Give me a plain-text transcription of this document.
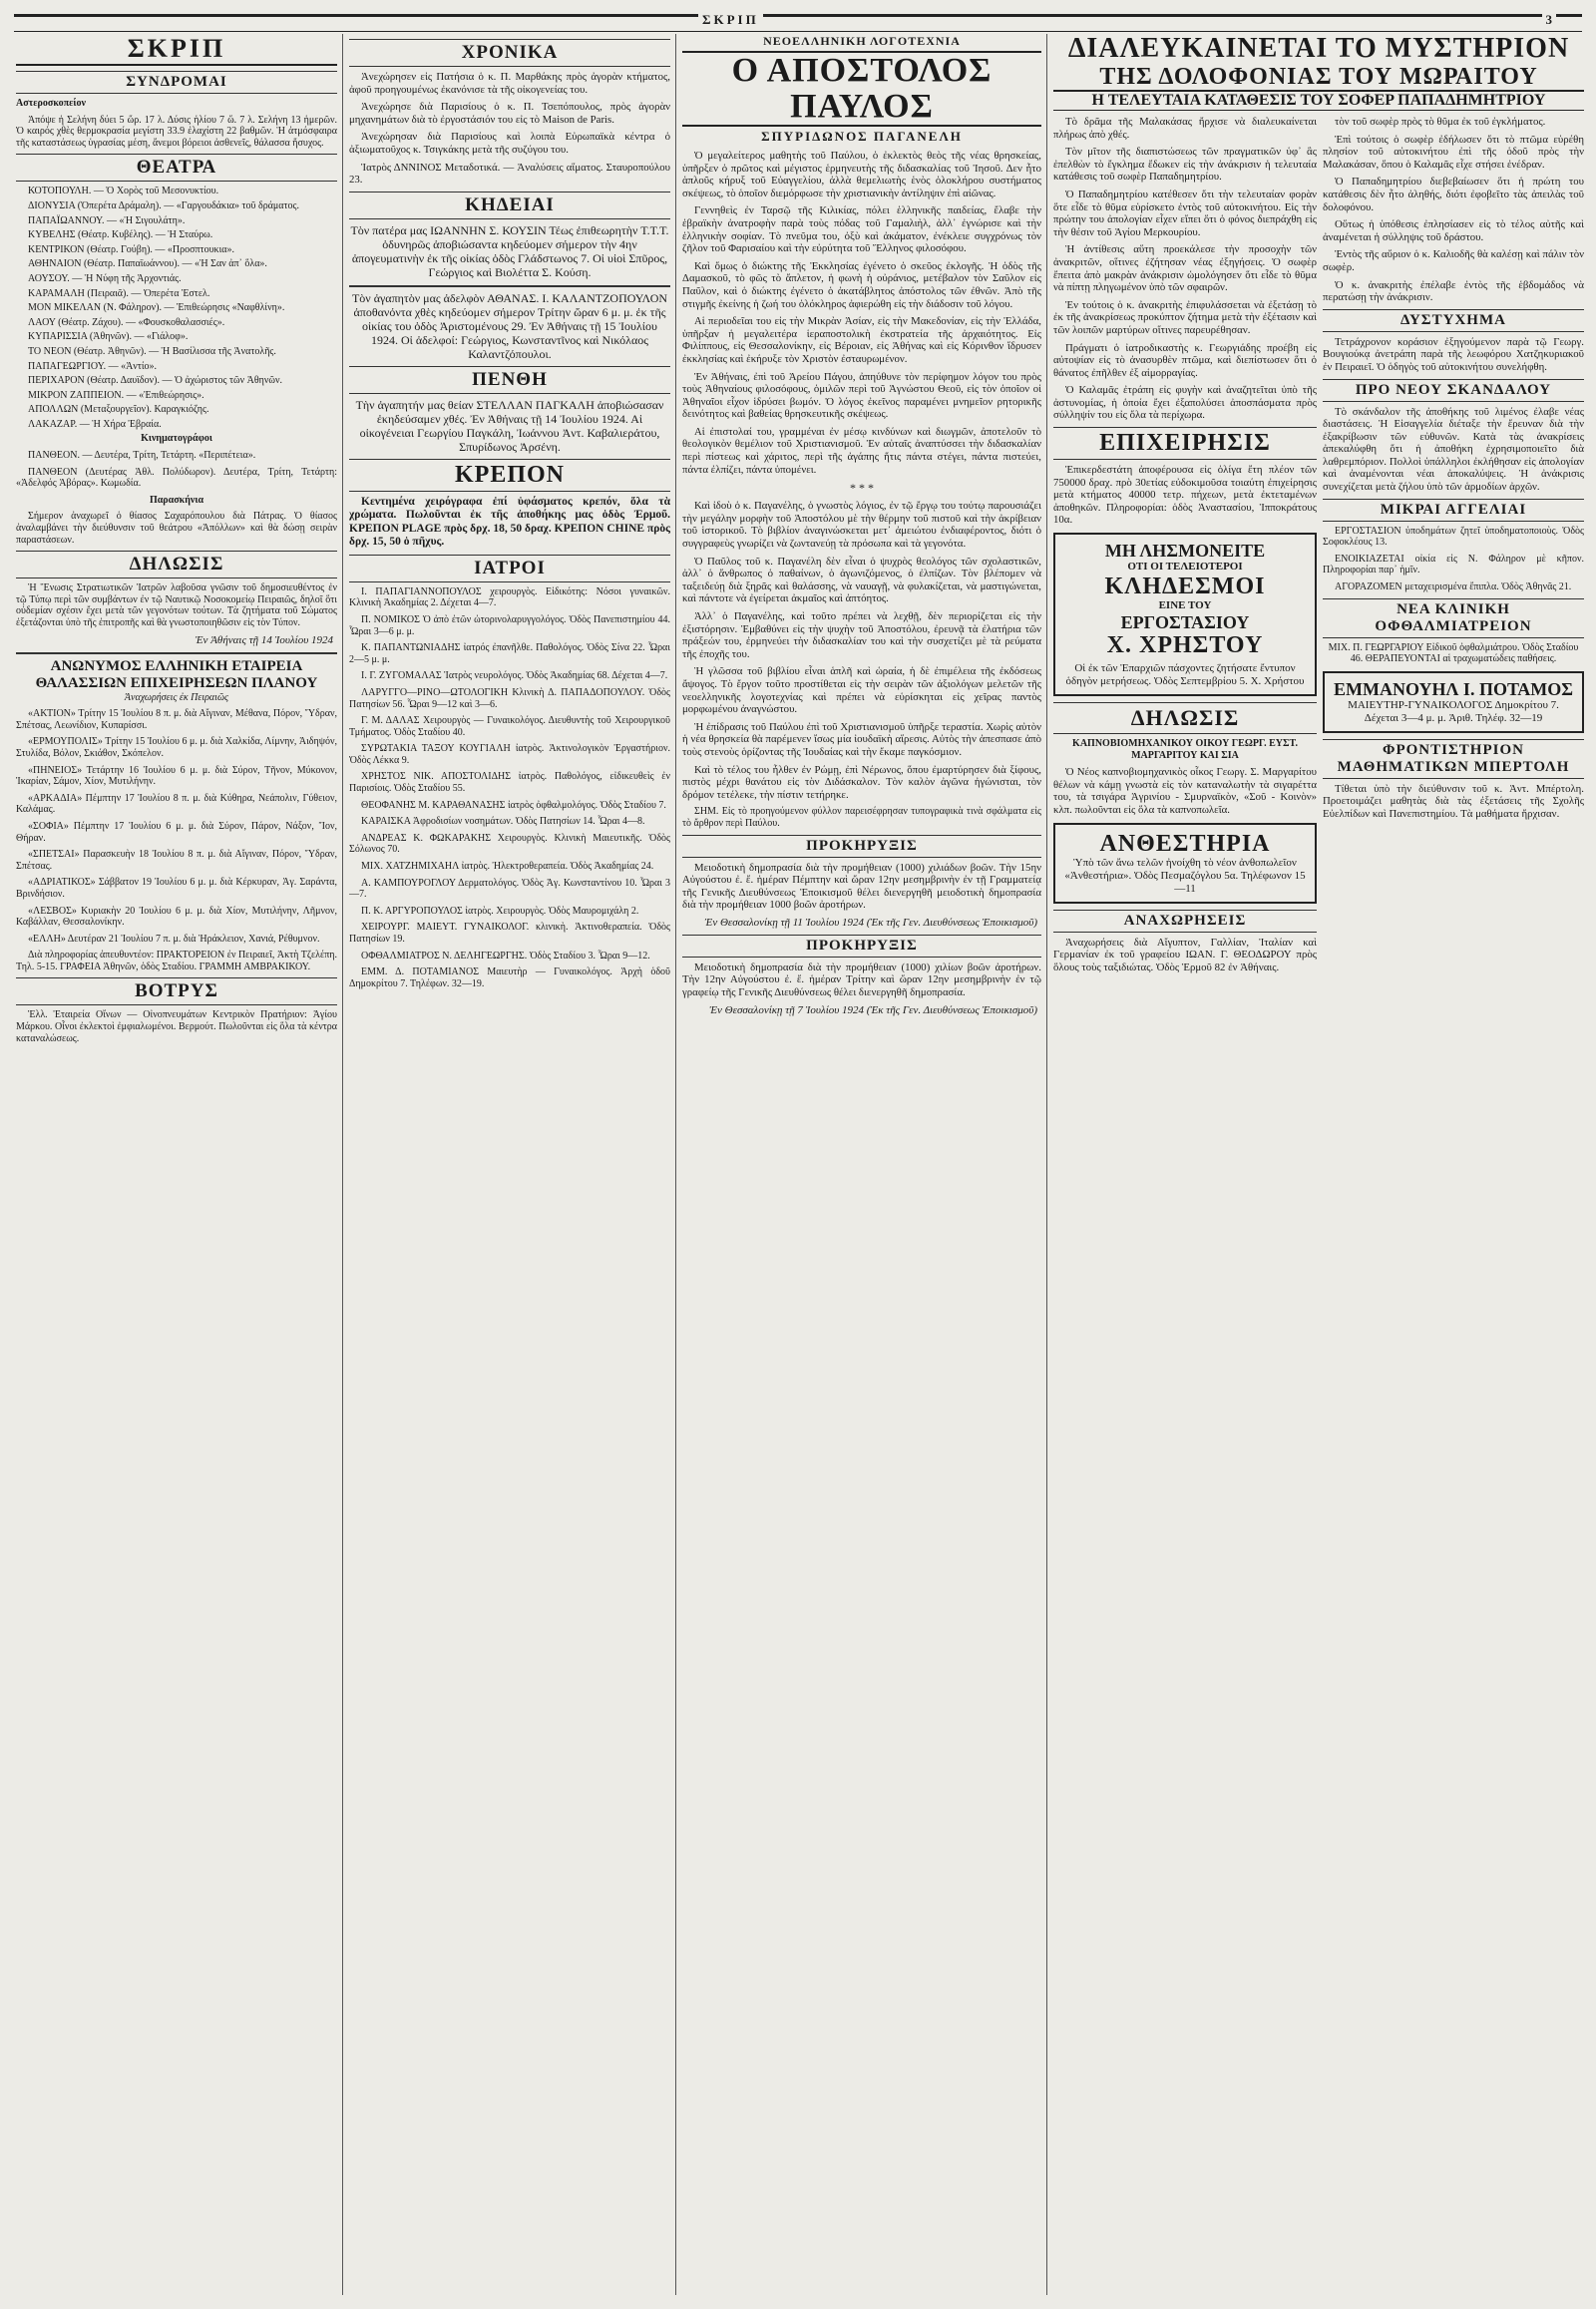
ΣΚΡΙΠ	3
ΣΚΡΙΠ
ΣΥΝΔΡΟΜΑΙ

Αστεροσκοπείον

Ἀπόψε ἡ Σελήνη δύει 5 ὥρ. 17 λ. Δύσις ἡλίου 7 ὥ. 7 λ. Σελήνη 13 ἡμερῶν. Ὁ καιρός χθὲς θερμοκρασία μεγίστη 33.9 ἐλαχίστη 22 βαθμῶν. Ἡ ἀτμόσφαιρα τῆς καταστάσεως ὑγρασίας μέση, ἄνεμοι βόρειοι ἀσθενεῖς, θάλασσα ἥσυχος.

ΘΕΑΤΡΑ

ΚΟΤΟΠΟΥΛΗ. — Ὁ Χορὸς τοῦ Μεσονυκτίου.

ΔΙΟΝΥΣΙΑ (Ὀπερέτα Δράμαλη). — «Γαργουδάκια» τοῦ δράματος.

ΠΑΠΑΪΩΑΝΝΟΥ. — «Ἡ Σιγουλάτη».

ΚΥΒΕΛΗΣ (Θέατρ. Κυβέλης). — Ἡ Σταύρω.

ΚΕΝΤΡΙΚΟΝ (Θέατρ. Γούβη). — «Προσπτουκια».

ΑΘΗΝΑΙΟΝ (Θέατρ. Παπαϊωάννου). — «Ἡ Σαν ἀπ᾽ ὅλα».

ΑΟΥΣΟΥ. — Ἡ Νύφη τῆς Ἀρχοντιάς.

ΚΑΡΑΜΑΛΗ (Πειραιᾶ). — Ὀπερέτα Ἑστελ.

ΜΟΝ ΜΙΚΕΛΑΝ (Ν. Φάληρον). — Ἐπιθεώρησις «Ναφθλίνη».

ΛΑΟΥ (Θέατρ. Ζάχου). — «Φουσκοθαλασσιές».

ΚΥΠΑΡΙΣΣΙΑ (Ἀθηνῶν). — «Γιάλοφ».

ΤΟ ΝΕΟΝ (Θέατρ. Ἀθηνῶν). — Ἡ Βασίλισσα τῆς Ἀνατολῆς.

ΠΑΠΑΓΕΩΡΓΙΟΥ. — «Ἀντίο».

ΠΕΡΙΧΑΡΟΝ (Θέατρ. Δαυϊδον). — Ὁ ἀχώριστος τῶν Ἀθηνῶν.

ΜΙΚΡΟΝ ΖΑΠΠΕΙΟΝ. — «Ἐπιθεώρησις».

ΑΠΟΛΛΩΝ (Μεταξουργεῖον). Καραγκιόζης.

ΛΑΚΑΖΑΡ. — Ἡ Χήρα Ἑβραία.

Κινηματογράφοι

ΠΑΝΘΕΟΝ. — Δευτέρα, Τρίτη, Τετάρτη. «Περιπέτεια».

ΠΑΝΘΕΟΝ (Δευτέρας Ἀθλ. Πολύδωρον). Δευτέρα, Τρίτη, Τετάρτη: «Ἀδελφός Ἀβόρας». Κωμωδία.

Παρασκήνια

Σήμερον ἀναχωρεῖ ὁ θίασος Σαχαρόπουλου διὰ Πάτρας. Ὁ θίασος ἀναλαμβάνει τὴν διεύθυνσιν τοῦ θεάτρου «Ἀπόλλων» καὶ θὰ δώσῃ σειρὰν παραστάσεων.

ΔΗΛΩΣΙΣ

Ἡ Ἕνωσις Στρατιωτικῶν Ἰατρῶν λαβοῦσα γνῶσιν τοῦ δημοσιευθέντος ἐν τῷ Τύπῳ περὶ τῶν συμβάντων ἐν τῷ Ναυτικῷ Νοσοκομείῳ Πειραιῶς, δηλοῖ ὅτι οὐδεμίαν σχέσιν ἔχει μετὰ τῶν γεγονότων τούτων. Τὰ ζητήματα τοῦ Σώματος ἐξετάζονται ὑπὸ τῆς ἐπιτροπῆς καὶ θὰ γνωστοποιηθῶσιν εἰς τὸν Τύπον.

Ἐν Ἀθήναις τῇ 14 Ἰουλίου 1924
ΑΝΩΝΥΜΟΣ ΕΛΛΗΝΙΚΗ ΕΤΑΙΡΕΙΑ ΘΑΛΑΣΣΙΩΝ ΕΠΙΧΕΙΡΗΣΕΩΝ ΠΛΑΝΟΥ

Ἀναχωρήσεις ἐκ Πειραιῶς

«ΑΚΤΙΟΝ» Τρίτην 15 Ἰουλίου 8 π. μ. διὰ Αἴγιναν, Μέθανα, Πόρον, Ὕδραν, Σπέτσας, Λεωνίδιον, Κυπαρίσσι.

«ΕΡΜΟΥΠΟΛΙΣ» Τρίτην 15 Ἰουλίου 6 μ. μ. διὰ Χαλκίδα, Λίμνην, Ἀιδηψόν, Στυλίδα, Βόλον, Σκιάθον, Σκόπελον.

«ΠΗΝΕΙΟΣ» Τετάρτην 16 Ἰουλίου 6 μ. μ. διὰ Σύρον, Τῆνον, Μύκονον, Ἰκαρίαν, Σάμον, Χίον, Μυτιλήνην.

«ΑΡΚΑΔΙΑ» Πέμπτην 17 Ἰουλίου 8 π. μ. διὰ Κύθηρα, Νεάπολιν, Γύθειον, Καλάμας.

«ΣΟΦΙΑ» Πέμπτην 17 Ἰουλίου 6 μ. μ. διὰ Σύρον, Πάρον, Νάξον, Ἴον, Θήραν.

«ΣΠΕΤΣΑΙ» Παρασκευὴν 18 Ἰουλίου 8 π. μ. διὰ Αἴγιναν, Πόρον, Ὕδραν, Σπέτσας.

«ΑΔΡΙΑΤΙΚΟΣ» Σάββατον 19 Ἰουλίου 6 μ. μ. διὰ Κέρκυραν, Ἀγ. Σαράντα, Βρινδήσιον.

«ΛΕΣΒΟΣ» Κυριακὴν 20 Ἰουλίου 6 μ. μ. διὰ Χίον, Μυτιλήνην, Λῆμνον, Καβάλλαν, Θεσσαλονίκην.

«ΕΛΛΗ» Δευτέραν 21 Ἰουλίου 7 π. μ. διὰ Ἡράκλειον, Χανιά, Ρέθυμνον.

Διὰ πληροφορίας ἀπευθυντέον: ΠΡΑΚΤΟΡΕΙΟΝ ἐν Πειραιεῖ, Ἀκτὴ Τζελέπη. Τηλ. 5-15. ΓΡΑΦΕΙΑ Ἀθηνῶν, ὁδὸς Σταδίου. ΓΡΑΜΜΗ ΑΜΒΡΑΚΙΚΟΥ.

ΒΟΤΡΥΣ

Ἑλλ. Ἑταιρεία Οἴνων — Οἰνοπνευμάτων Κεντρικὸν Πρατήριον: Ἀγίου Μάρκου. Οἶνοι ἐκλεκτοὶ ἐμφιαλωμένοι. Βερμούτ. Πωλοῦνται εἰς ὅλα τὰ κέντρα καταναλώσεως.

ΧΡΟΝΙΚΑ

Ἀνεχώρησεν εἰς Πατήσια ὁ κ. Π. Μαρθάκης πρὸς ἀγορὰν κτήματος, ἀφοῦ προηγουμένως ἐκανόνισε τὰ τῆς οἰκογενείας του.

Ἀνεχώρησε διὰ Παρισίους ὁ κ. Π. Τσεπόπουλος, πρὸς ἀγορὰν μηχανημάτων διὰ τὸ ἐργοστάσιόν του εἰς τὸ Maison de Paris.

Ἀνεχώρησαν διὰ Παρισίους καὶ λοιπὰ Εὐρωπαϊκὰ κέντρα ὁ ἀξιωματοῦχος κ. Τσιγκάκης μετὰ τῆς συζύγου του.

Ἰατρὸς ΔΝΝΙΝΟΣ Μεταδοτικά. — Ἀναλύσεις αἵματος. Σταυροπούλου 23.

ΚΗΔΕΙΑΙ

Τὸν πατέρα μας ΙΩΑΝΝΗΝ Σ. ΚΟΥΣΙΝ Τέως ἐπιθεωρητὴν Τ.Τ.Τ. ὁδυνηρῶς ἀποβιώσαντα κηδεύομεν σήμερον τὴν 4ην ἀπογευματινὴν ἐκ τῆς οἰκίας ὁδὸς Γλάδστωνος 7. Οἱ υἱοὶ Σπῦρος, Γεώργιος καὶ Βιολέττα Σ. Κούση.

Τὸν ἀγαπητὸν μας ἀδελφὸν ΑΘΑΝΑΣ. Ι. ΚΑΛΑΝΤΖΟΠΟΥΛΟΝ ἀποθανόντα χθὲς κηδεύομεν σήμερον Τρίτην ὥραν 6 μ. μ. ἐκ τῆς οἰκίας του ὁδὸς Ἀριστομένους 29. Ἐν Ἀθήναις τῇ 15 Ἰουλίου 1924. Οἱ ἀδελφοί: Γεώργιος, Κωνσταντῖνος καὶ Νικόλαος Καλαντζόπουλοι.

ΠΕΝΘΗ

Τὴν ἀγαπητήν μας θείαν ΣΤΕΛΛΑΝ ΠΑΓΚΑΛΗ ἀποβιώσασαν ἐκηδεύσαμεν χθές. Ἐν Ἀθήναις τῇ 14 Ἰουλίου 1924. Αἱ οἰκογένειαι Γεωργίου Παγκάλη, Ἰωάννου Ἀντ. Καβαλιεράτου, Σπυρίδωνος Ἀρσένη.

ΚΡΕΠΟΝ

Κεντημένα χειρόγραφα ἐπί ὑφάσματος κρεπόν, ὅλα τὰ χρώματα. Πωλοῦνται ἐκ τῆς ἀποθήκης μας ὁδὸς Ἐρμοῦ. ΚΡΕΠΟΝ PLAGE πρὸς δρχ. 18, 50 δραχ. ΚΡΕΠΟΝ CHINE πρὸς δρχ. 15, 50 ὁ πῆχυς.

ΙΑΤΡΟΙ

Ι. ΠΑΠΑΓΙΑΝΝΟΠΟΥΛΟΣ χειρουργὸς. Εἰδικότης: Νόσοι γυναικῶν. Κλινικὴ Ἀκαδημίας 2. Δέχεται 4—7.

Π. ΝΟΜΙΚΟΣ Ὁ ἀπὸ ἐτῶν ὠτορινολαρυγγολόγος. Ὁδὸς Πανεπιστημίου 44. Ὧραι 3—6 μ. μ.

Κ. ΠΑΠΑΝΤΩΝΙΑΔΗΣ ἰατρός ἐπανῆλθε. Παθολόγος. Ὁδὸς Σίνα 22. Ὧραι 2—5 μ. μ.

Ι. Γ. ΖΥΓΟΜΑΛΑΣ Ἰατρὸς νευρολόγος. Ὁδὸς Ἀκαδημίας 68. Δέχεται 4—7.

ΛΑΡΥΓΓΟ—ΡΙΝΟ—ΩΤΟΛΟΓΙΚΗ Κλινικὴ Δ. ΠΑΠΑΔΟΠΟΥΛΟΥ. Ὁδὸς Πατησίων 56. Ὧραι 9—12 καὶ 3—6.

Γ. Μ. ΔΑΛΑΣ Χειρουργὸς — Γυναικολόγος. Διευθυντὴς τοῦ Χειρουργικοῦ Τμήματος. Ὁδὸς Σταδίου 40.

ΣΥΡΩΤΑΚΙΑ ΤΑΞΟΥ ΚΟΥΓΙΑΛΗ ἰατρὸς. Ἀκτινολογικὸν Ἐργαστήριον. Ὁδὸς Λέκκα 9.

ΧΡΗΣΤΟΣ ΝΙΚ. ΑΠΟΣΤΟΛΙΔΗΣ ἰατρὸς. Παθολόγος, εἰδικευθεὶς ἐν Παρισίοις. Ὁδὸς Σταδίου 55.

ΘΕΟΦΑΝΗΣ Μ. ΚΑΡΑΘΑΝΑΣΗΣ ἰατρὸς ὀφθαλμολόγος. Ὁδὸς Σταδίου 7.

ΚΑΡΑΙΣΚΑ Ἀφροδισίων νοσημάτων. Ὁδὸς Πατησίων 14. Ὧραι 4—8.

ΑΝΔΡΕΑΣ Κ. ΦΩΚΑΡΑΚΗΣ Χειρουργὸς. Κλινικὴ Μαιευτικῆς. Ὁδὸς Σόλωνος 70.

ΜΙΧ. ΧΑΤΖΗΜΙΧΑΗΛ ἰατρὸς. Ἠλεκτροθεραπεία. Ὁδὸς Ἀκαδημίας 24.

Α. ΚΑΜΠΟΥΡΟΓΛΟΥ Δερματολόγος. Ὁδὸς Ἀγ. Κωνσταντίνου 10. Ὧραι 3—7.

Π. Κ. ΑΡΓΥΡΟΠΟΥΛΟΣ ἰατρὸς. Χειρουργὸς. Ὁδὸς Μαυρομιχάλη 2.

ΧΕΙΡΟΥΡΓ. ΜΑΙΕΥΤ. ΓΥΝΑΙΚΟΛΟΓ. κλινικὴ. Ἀκτινοθεραπεία. Ὁδὸς Πατησίων 19.

ΟΦΘΑΛΜΙΑΤΡΟΣ Ν. ΔΕΛΗΓΕΩΡΓΗΣ. Ὁδὸς Σταδίου 3. Ὧραι 9—12.

ΕΜΜ. Δ. ΠΟΤΑΜΙΑΝΟΣ Μαιευτὴρ — Γυναικολόγος. Ἀρχὴ ὁδοῦ Δημοκρίτου 7. Τηλέφων. 32—19.

ΝΕΟΕΛΛΗΝΙΚΗ ΛΟΓΟΤΕΧΝΙΑ
Ο ΑΠΟΣΤΟΛΟΣ ΠΑΥΛΟΣ
ΣΠΥΡΙΔΩΝΟΣ ΠΑΓΑΝΕΛΗ

Ὁ μεγαλείτερος μαθητὴς τοῦ Παύλου, ὁ ἐκλεκτὸς θεὸς τῆς νέας θρησκείας, ὑπῆρξεν ὁ πρῶτος καὶ μέγιστος ἑρμηνευτὴς τῆς διδασκαλίας τοῦ Ἰησοῦ. Δεν ἦτο ἁπλοῦς κήρυξ τοῦ Εὐαγγελίου, ἀλλὰ θεμελιωτὴς ἑνὸς ὁλοκλήρου συστήματος σκέψεως, τὸ ὁποῖον διεμόρφωσε τὴν χριστιανικὴν ἀντίληψιν ἐπὶ αἰῶνας.

Γεννηθεὶς ἐν Ταρσῷ τῆς Κιλικίας, πόλει ἑλληνικῆς παιδείας, ἔλαβε τὴν ἑβραϊκὴν ἀνατροφὴν παρὰ τοὺς πόδας τοῦ Γαμαλιὴλ, ἀλλ᾽ ἐγνώρισε καὶ τὴν ἑλληνικὴν σοφίαν. Τὸ πνεῦμα του, ὀξὺ καὶ ἀκάματον, ἐνέκλειε συγχρόνως τὸν ζῆλον τοῦ Φαρισαίου καὶ τὴν εὐρύτητα τοῦ Ἕλληνος φιλοσόφου.

Καὶ ὅμως ὁ διώκτης τῆς Ἐκκλησίας ἐγένετο ὁ σκεῦος ἐκλογῆς. Ἡ ὁδὸς τῆς Δαμασκοῦ, τὸ φῶς τὸ ἄπλετον, ἡ φωνὴ ἡ οὐράνιος, μετέβαλον τὸν Σαῦλον εἰς Παῦλον, καὶ ὁ διώκτης ἐγένετο ὁ ἀκατάβλητος ἀπόστολος τῶν ἐθνῶν. Ἀπὸ τῆς στιγμῆς ἐκείνης ἡ ζωή του ὁλόκληρος ἀφιερώθη εἰς τὴν διάδοσιν τοῦ λόγου.

Αἱ περιοδεῖαι του εἰς τὴν Μικρὰν Ἀσίαν, εἰς τὴν Μακεδονίαν, εἰς τὴν Ἑλλάδα, ὑπῆρξαν ἡ μεγαλειτέρα ἱεραποστολικὴ ἐκστρατεία τῆς ἀρχαιότητος. Εἰς Φιλίππους, εἰς Θεσσαλονίκην, εἰς Βέροιαν, εἰς Ἀθήνας καὶ εἰς Κόρινθον ἵδρυσεν ἐκκλησίας καὶ ἐκήρυξε τὸν Χριστὸν ἐσταυρωμένον.

Ἐν Ἀθήναις, ἐπὶ τοῦ Ἀρείου Πάγου, ἀπηύθυνε τὸν περίφημον λόγον του πρὸς τοὺς Ἀθηναίους φιλοσόφους, ὁμιλῶν περὶ τοῦ Ἀγνώστου Θεοῦ, εἰς τὸν ὁποῖον οἱ Ἀθηναῖοι εἶχον ἱδρύσει βωμόν. Ὁ λόγος ἐκεῖνος παραμένει μνημεῖον ρητορικῆς δεινότητος καὶ βαθείας θρησκευτικῆς σκέψεως.

Αἱ ἐπιστολαί του, γραμμέναι ἐν μέσῳ κινδύνων καὶ διωγμῶν, ἀποτελοῦν τὸ θεολογικὸν θεμέλιον τοῦ Χριστιανισμοῦ. Ἐν αὐταῖς ἀναπτύσσει τὴν διδασκαλίαν περὶ πίστεως καὶ χάριτος, περὶ τῆς ἀγάπης ἥτις πάντα στέγει, πάντα πιστεύει, πάντα ἐλπίζει, πάντα ὑπομένει.

* * *

Καὶ ἰδοὺ ὁ κ. Παγανέλης, ὁ γνωστὸς λόγιος, ἐν τῷ ἔργῳ του τούτῳ παρουσιάζει τὴν μεγάλην μορφὴν τοῦ Ἀποστόλου μὲ τὴν θέρμην τοῦ πιστοῦ καὶ τὴν ἀκρίβειαν τοῦ ἱστορικοῦ. Τὸ βιβλίον ἀναγινώσκεται μετ᾽ ἀμειώτου ἐνδιαφέροντος, διότι ὁ συγγραφεὺς γνωρίζει νὰ ζωντανεύῃ τὰ πρόσωπα καὶ τὰ γεγονότα.

Ὁ Παῦλος τοῦ κ. Παγανέλη δὲν εἶναι ὁ ψυχρὸς θεολόγος τῶν σχολαστικῶν, ἀλλ᾽ ὁ ἄνθρωπος ὁ παθαίνων, ὁ ἀγωνιζόμενος, ὁ ἐλπίζων. Τὸν βλέπομεν νὰ ταξειδεύῃ διὰ ξηρᾶς καὶ θαλάσσης, νὰ ναυαγῇ, νὰ φυλακίζεται, νὰ μαστιγώνεται, καὶ πάντοτε νὰ ἐγείρεται ἀκμαῖος καὶ ἀπτόητος.

Ἀλλ᾽ ὁ Παγανέλης, καὶ τοῦτο πρέπει νὰ λεχθῇ, δὲν περιορίζεται εἰς τὴν ἐξιστόρησιν. Ἐμβαθύνει εἰς τὴν ψυχὴν τοῦ Ἀποστόλου, ἐρευνᾷ τὰ ἐλατήρια τῶν πράξεών του, ἐρμηνεύει τὴν διδασκαλίαν του καὶ τὴν συσχετίζει μὲ τὰ ρεύματα τῆς ἐποχῆς του.

Ἡ γλῶσσα τοῦ βιβλίου εἶναι ἁπλῆ καὶ ὡραία, ἡ δὲ ἐπιμέλεια τῆς ἐκδόσεως ἄψογος. Τὸ ἔργον τοῦτο προστίθεται εἰς τὴν σειρὰν τῶν ἀξιολόγων μελετῶν τῆς νεοελληνικῆς λογοτεχνίας καὶ πρέπει νὰ εὑρίσκηται εἰς χεῖρας παντὸς μορφωμένου ἀναγνώστου.

Ἡ ἐπίδρασις τοῦ Παύλου ἐπὶ τοῦ Χριστιανισμοῦ ὑπῆρξε τεραστία. Χωρὶς αὐτὸν ἡ νέα θρησκεία θὰ παρέμενεν ἴσως μία ἰουδαϊκὴ αἵρεσις. Αὐτὸς τὴν ἀπεσπασε ἀπὸ τοὺς στενοὺς ὁρίζοντας τῆς Ἰουδαίας καὶ τὴν ἔκαμε παγκόσμιον.

Καὶ τὸ τέλος του ἦλθεν ἐν Ρώμῃ, ἐπὶ Νέρωνος, ὅπου ἐμαρτύρησεν διὰ ξίφους, πιστὸς μέχρι θανάτου εἰς τὸν Διδάσκαλον. Τὸν καλὸν ἀγῶνα ἠγώνισται, τὸν δρόμον τετέλεκε, τὴν πίστιν τετήρηκε.

ΣΗΜ. Εἰς τὸ προηγούμενον φύλλον παρεισέφρησαν τυπογραφικὰ τινὰ σφάλματα εἰς τὸ ἄρθρον περὶ Παύλου.

ΠΡΟΚΗΡΥΞΙΣ

Μειοδοτικὴ δημοπρασία διὰ τὴν προμήθειαν (1000) χιλιάδων βοῶν. Τὴν 15ην Αὐγούστου ἐ. ἔ. ἡμέραν Πέμπτην καὶ ὥραν 12ην μεσημβρινὴν ἐν τῇ Γραμματείᾳ τῆς Γενικῆς Διευθύνσεως Ἐποικισμοῦ θέλει διενεργηθῆ μειοδοτικὴ δημοπρασία διὰ τὴν προμήθειαν 1000 βοῶν ἀροτήρων.

Ἐν Θεσσαλονίκῃ τῇ 11 Ἰουλίου 1924 (Ἐκ τῆς Γεν. Διευθύνσεως Ἐποικισμοῦ)
ΠΡΟΚΗΡΥΞΙΣ

Μειοδοτικὴ δημοπρασία διὰ τὴν προμήθειαν (1000) χιλίων βοῶν ἀροτήρων. Τὴν 12ην Αὐγούστου ἐ. ἔ. ἡμέραν Τρίτην καὶ ὥραν 12ην μεσημβρινὴν ἐν τῷ γραφείῳ τῆς Γενικῆς Διευθύνσεως θέλει διενεργηθῆ δημοπρασία.

Ἐν Θεσσαλονίκῃ τῇ 7 Ἰουλίου 1924 (Ἐκ τῆς Γεν. Διευθύνσεως Ἐποικισμοῦ)
ΔΙΑΛΕΥΚΑΙΝΕΤΑΙ ΤΟ ΜΥΣΤΗΡΙΟΝ
ΤΗΣ ΔΟΛΟΦΟΝΙΑΣ ΤΟΥ ΜΩΡΑΙΤΟΥ
Η ΤΕΛΕΥΤΑΙΑ ΚΑΤΑΘΕΣΙΣ ΤΟΥ ΣΟΦΕΡ ΠΑΠΑΔΗΜΗΤΡΙΟΥ

Τὸ δρᾶμα τῆς Μαλακάσας ἤρχισε νὰ διαλευκαίνεται πλήρως ἀπὸ χθές.

Τὸν μῖτον τῆς διαπιστώσεως τῶν πραγματικῶν ὑφ᾽ ἃς ἐπελθὼν τὸ ἔγκλημα ἔδωκεν εἰς τὴν ἀνάκρισιν ἡ τελευταία κατάθεσις τοῦ σωφὲρ Παπαδημητρίου.

Ὁ Παπαδημητρίου κατέθεσεν ὅτι τὴν τελευταίαν φορὰν ὅτε εἶδε τὸ θῦμα εὑρίσκετο ἐντὸς τοῦ αὐτοκινήτου. Εἰς τὴν πρώτην του ἀπολογίαν εἶχεν εἴπει ὅτι ὁ φόνος διεπράχθη εἰς τὴν θέσιν τοῦ Ἁγίου Μερκουρίου.

Ἡ ἀντίθεσις αὕτη προεκάλεσε τὴν προσοχὴν τῶν ἀνακριτῶν, οἵτινες ἐζήτησαν νέας ἐξηγήσεις. Ὁ σωφὲρ ἔπειτα ἀπὸ μακρὰν ἀνάκρισιν ὡμολόγησεν ὅτι εἶδε τὸ θῦμα νὰ πίπτῃ πληγωμένον ὑπὸ τῶν σφαιρῶν.

Ἐν τούτοις ὁ κ. ἀνακριτὴς ἐπιφυλάσσεται νὰ ἐξετάσῃ τὸ ἐκ τῆς ἀνακρίσεως προκύπτον ζήτημα μετὰ τὴν ἐξέτασιν καὶ τῶν λοιπῶν μαρτύρων οἵτινες παρευρέθησαν.

Πράγματι ὁ ἰατροδικαστὴς κ. Γεωργιάδης προέβη εἰς αὐτοψίαν εἰς τὸ ἀνασυρθὲν πτῶμα, καὶ διεπίστωσεν ὅτι ὁ θάνατος ἐπῆλθεν ἐξ αἱμορραγίας.

Ὁ Καλαμᾶς ἐτράπη εἰς φυγὴν καὶ ἀναζητεῖται ὑπὸ τῆς ἀστυνομίας, ἡ ὁποία ἔχει ἐξαπολύσει ἀποσπάσματα πρὸς σύλληψίν του εἰς ὅλα τὰ περίχωρα.

ΕΠΙΧΕΙΡΗΣΙΣ

Ἐπικερδεστάτη ἀποφέρουσα εἰς ὀλίγα ἔτη πλέον τῶν 750000 δραχ. πρὸ 30ετίας εὐδοκιμοῦσα τοιαύτη ἐπιχείρησις μετὰ κτήματος 40000 τετρ. πήχεων, μετὰ ἐκτεταμένων ἀποθηκῶν. Πληροφορίαι: ὁδὸς Ἀναστασίου, Ἱπποκράτους 10α.

ΜΗ ΛΗΣΜΟΝΕΙΤΕ
ΟΤΙ ΟΙ ΤΕΛΕΙΟΤΕΡΟΙ
ΚΛΗΔΕΣΜΟΙ
ΕΙΝΕ ΤΟΥ
ΕΡΓΟΣΤΑΣΙΟΥ
Χ. ΧΡΗΣΤΟΥ
Οἱ ἐκ τῶν Ἐπαρχιῶν πάσχοντες ζητήσατε ἔντυπον ὁδηγὸν μετρήσεως. Ὁδὸς Σεπτεμβρίου 5. Χ. Χρήστου
ΔΗΛΩΣΙΣ

ΚΑΠΝΟΒΙΟΜΗΧΑΝΙΚΟΥ ΟΙΚΟΥ ΓΕΩΡΓ. ΕΥΣΤ. ΜΑΡΓΑΡΙΤΟΥ ΚΑΙ ΣΙΑ

Ὁ Νέος καπνοβιομηχανικὸς οἶκος Γεωργ. Σ. Μαργαρίτου θέλων νὰ κάμῃ γνωστὰ εἰς τὸν καταναλωτὴν τὰ σιγαρέττα του, τὰ τσιγάρα Ἀγρινίου - Σμυρναϊκὸν, «Σοῦ - Κοινὸν» κλπ. πωλοῦνται εἰς ὅλα τὰ καπνοπωλεῖα.

ΑΝΘΕΣΤΗΡΙΑ
Ὑπὸ τῶν ἄνω τελῶν ἠνοίχθη τὸ νέον ἀνθοπωλεῖον «Ἀνθεστήρια». Ὁδὸς Πεσμαζόγλου 5α. Τηλέφωνον 15—11
ΑΝΑΧΩΡΗΣΕΙΣ

Ἀναχωρήσεις διὰ Αἴγυπτον, Γαλλίαν, Ἰταλίαν καὶ Γερμανίαν ἐκ τοῦ γραφείου ΙΩΑΝ. Γ. ΘΕΟΔΩΡΟΥ πρὸς ὅλους τοὺς ταξιδιώτας. Ὁδὸς Ἑρμοῦ 82 ἐν Ἀθήναις.

τὸν τοῦ σωφὲρ πρὸς τὸ θῦμα ἐκ τοῦ ἐγκλήματος.

Ἐπὶ τούτοις ὁ σωφὲρ ἐδήλωσεν ὅτι τὸ πτῶμα εὑρέθη πλησίον τοῦ αὐτοκινήτου ἐπὶ τῆς ὁδοῦ πρὸς τὴν Μαλακάσαν, ὅπου ὁ Καλαμᾶς εἶχε στήσει ἐνέδραν.

Ὁ Παπαδημητρίου διεβεβαίωσεν ὅτι ἡ πρώτη του κατάθεσις δὲν ἦτο ἀληθής, διότι ἐφοβεῖτο τὰς ἀπειλὰς τοῦ δολοφόνου.

Οὕτως ἡ ὑπόθεσις ἐπλησίασεν εἰς τὸ τέλος αὐτῆς καὶ ἀναμένεται ἡ σύλληψις τοῦ δράστου.

Ἐντὸς τῆς αὔριον ὁ κ. Καλιοδῆς θὰ καλέσῃ καὶ πάλιν τὸν σωφὲρ.

Ὁ κ. ἀνακριτὴς ἐπέλαβε ἐντὸς τῆς ἑβδομάδος νὰ περατώσῃ τὴν ἀνάκρισιν.

ΔΥΣΤΥΧΗΜΑ

Τετράχρονον κοράσιον ἐξηγούμενον παρὰ τῷ Γεωργ. Βουγιούκᾳ ἀνετράπη παρὰ τῆς λεωφόρου Χατζηκυριακοῦ ἐν Πειραιεῖ. Ὁ ὁδηγὸς τοῦ αὐτοκινήτου συνελήφθη.

ΠΡΟ ΝΕΟΥ ΣΚΑΝΔΑΛΟΥ

Τὸ σκάνδαλον τῆς ἀποθήκης τοῦ λιμένος ἐλαβε νέας διαστάσεις. Ἡ Εἰσαγγελία διέταξε τὴν ἔρευναν διὰ τὴν ἐξακρίβωσιν τῶν εὐθυνῶν. Κατὰ τὰς ἀνακρίσεις ἀπεκαλύφθη ὅτι ἡ ἀποθήκη ἐχρησιμοποιεῖτο διὰ λαθρεμπόριον. Πολλοὶ ὑπάλληλοι ἐκλήθησαν εἰς ἀπολογίαν καὶ ἀναμένονται νέαι ἀποκαλύψεις. Ἡ ἀνάκρισις συνεχίζεται μετὰ ζήλου ὑπὸ τῶν ἁρμοδίων ἀρχῶν.

ΜΙΚΡΑΙ ΑΓΓΕΛΙΑΙ

ΕΡΓΟΣΤΑΣΙΟΝ ὑποδημάτων ζητεῖ ὑποδηματοποιοὺς. Ὁδὸς Σοφοκλέους 13.

ΕΝΟΙΚΙΑΖΕΤΑΙ οἰκία εἰς Ν. Φάληρον μὲ κῆπον. Πληροφορίαι παρ᾽ ἡμῖν.

ΑΓΟΡΑΖΟΜΕΝ μεταχειρισμένα ἔπιπλα. Ὁδὸς Ἀθηνᾶς 21.

ΝΕΑ ΚΛΙΝΙΚΗ ΟΦΘΑΛΜΙΑΤΡΕΙΟΝ

ΜΙΧ. Π. ΓΕΩΡΓΑΡΙΟΥ Εἰδικοῦ ὀφθαλμιάτρου. Ὁδὸς Σταδίου 46. ΘΕΡΑΠΕΥΟΝΤΑΙ αἱ τραχωματώδεις παθήσεις.

ΕΜΜΑΝΟΥΗΛ Ι. ΠΟΤΑΜΟΣ
ΜΑΙΕΥΤΗΡ-ΓΥΝΑΙΚΟΛΟΓΟΣ Δημοκρίτου 7. Δέχεται 3—4 μ. μ. Ἀριθ. Τηλέφ. 32—19
ΦΡΟΝΤΙΣΤΗΡΙΟΝ ΜΑΘΗΜΑΤΙΚΩΝ ΜΠΕΡΤΟΛΗ

Τίθεται ὑπὸ τὴν διεύθυνσιν τοῦ κ. Ἀντ. Μπέρτολη. Προετοιμάζει μαθητὰς διὰ τὰς ἐξετάσεις τῆς Σχολῆς Εὐελπίδων καὶ Πανεπιστημίου. Τὰ μαθήματα ἤρχισαν.
